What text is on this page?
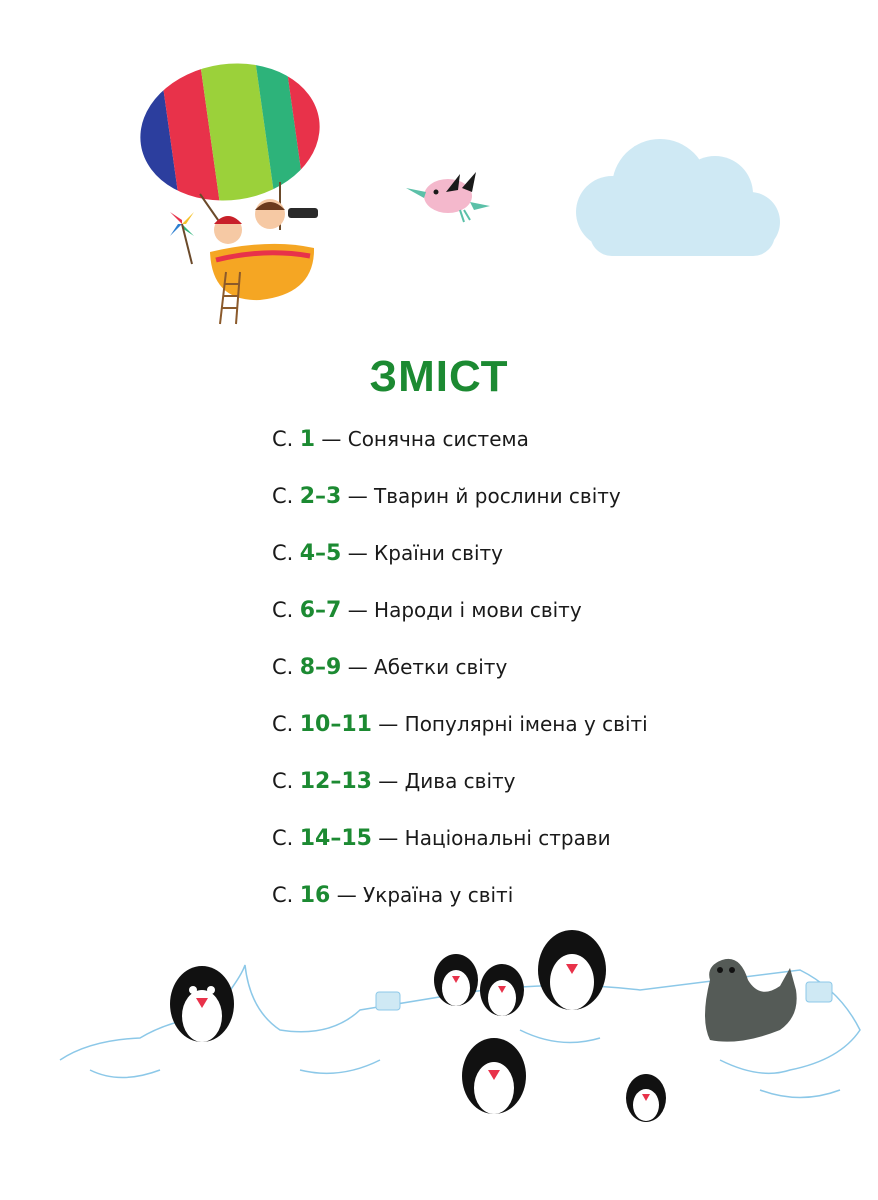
ЗМІСТ
С. 1 — Сонячна система
С. 2–3 — Тварин й рослини світу
С. 4–5 — Країни світу
С. 6–7 — Народи і мови світу
С. 8–9 — Абетки світу
С. 10–11 — Популярні імена у світі
С. 12–13 — Дива світу
С. 14–15 — Національні страви
С. 16 — Україна у світі
